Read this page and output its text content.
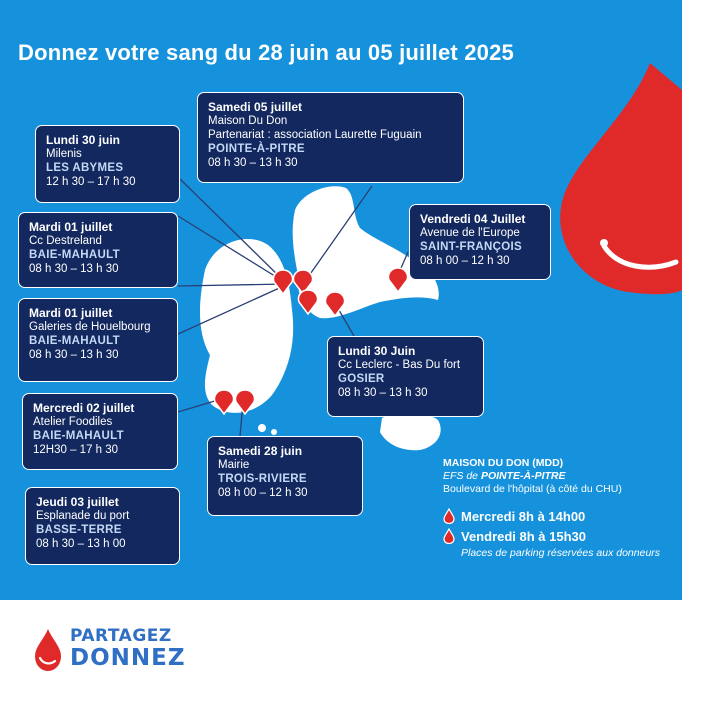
Donnez votre sang du 28 juin au 05 juillet 2025
Samedi 05 juillet
Maison Du Don
Partenariat : association Laurette Fuguain
POINTE-À-PITRE
08 h 30 – 13 h 30
Lundi 30 juin
Milenis
LES ABYMES
12 h 30 – 17 h 30
Mardi 01 juillet
Cc Destreland
BAIE-MAHAULT
08 h 30 – 13 h 30
Mardi 01 juillet
Galeries de Houelbourg
BAIE-MAHAULT
08 h 30 – 13 h 30
Mercredi 02 juillet
Atelier Foodiles
BAIE-MAHAULT
12H30 – 17 h 30
Jeudi 03 juillet
Esplanade du port
BASSE-TERRE
08 h 30 – 13 h 00
Vendredi 04 Juillet
Avenue de l'Europe
SAINT-FRANÇOIS
08 h 00 – 12 h 30
Lundi 30 Juin
Cc Leclerc - Bas Du fort
GOSIER
08 h 30 – 13 h 30
Samedi 28 juin
Mairie
TROIS-RIVIERE
08 h 00 – 12 h 30
MAISON DU DON (MDD)
EFS de POINTE-À-PITRE
Boulevard de l'hôpital (à côté du CHU)
Mercredi 8h à 14h00
Vendredi 8h à 15h30
Places de parking réservées aux donneurs
PARTAGEZ
DONNEZ
